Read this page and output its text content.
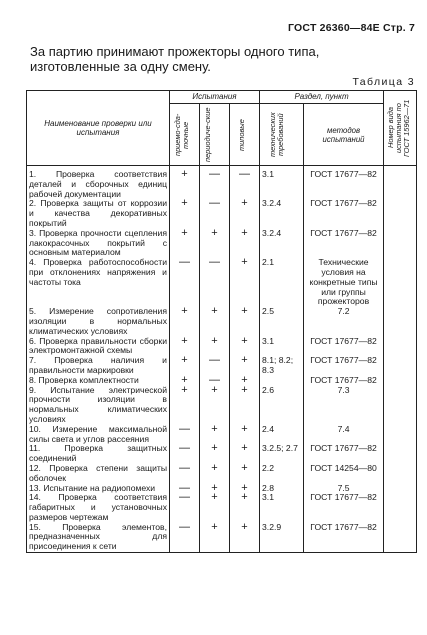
ГОСТ 26360—84Е Стр. 7
За партию принимают прожекторы одного типа, изготовленные за одну смену.
Таблица 3
Наименование проверки или испытания	Испытания			Раздел, пункт		Номер вида испытания по ГОСТ 15962—71

	приемо-сда-точные	периодиче-ские	типовые	технических требований	методов испытаний	

1. Проверка соответствия деталей и сборочных единиц рабочей документации	+	—	—	3.1	ГОСТ 17677—82	
2. Проверка защиты от коррозии и качества декоративных покрытий	+	—	+	3.2.4	ГОСТ 17677—82	
3. Проверка прочности сцепления лакокрасочных покрытий с основным материалом	+	+	+	3.2.4	ГОСТ 17677—82	
4. Проверка работоспособности при отклонениях напряжения и частоты тока	—	—	+	2.1	Технические условия на конкретные типы или группы прожекторов	
5. Измерение сопротивления изоляции в нормальных климатических условиях	+	+	+	2.5	7.2	
6. Проверка правильности сборки электромонтажной схемы	+	+	+	3.1	ГОСТ 17677—82	
7. Проверка наличия и правильности маркировки	+	—	+	8.1; 8.2; 8.3	ГОСТ 17677—82	
8. Проверка комплектности	+	—	+		ГОСТ 17677—82	
9. Испытание электрической прочности изоляции в нормальных климатических условиях	+	+	+	2.6	7.3	
10. Измерение максимальной силы света и углов рассеяния	—	+	+	2.4	7.4	
11. Проверка защитных соединений	—	+	+	3.2.5; 2.7	ГОСТ 17677—82	
12. Проверка степени защиты оболочек	—	+	+	2.2	ГОСТ 14254—80	
13. Испытание на радиопомехи	—	+	+	2.8	7.5	
14. Проверка соответствия габаритных и установочных размеров чертежам	—	+	+	3.1	ГОСТ 17677—82	
15. Проверка элементов, предназначенных для присоединения к сети	—	+	+	3.2.9	ГОСТ 17677—82	
